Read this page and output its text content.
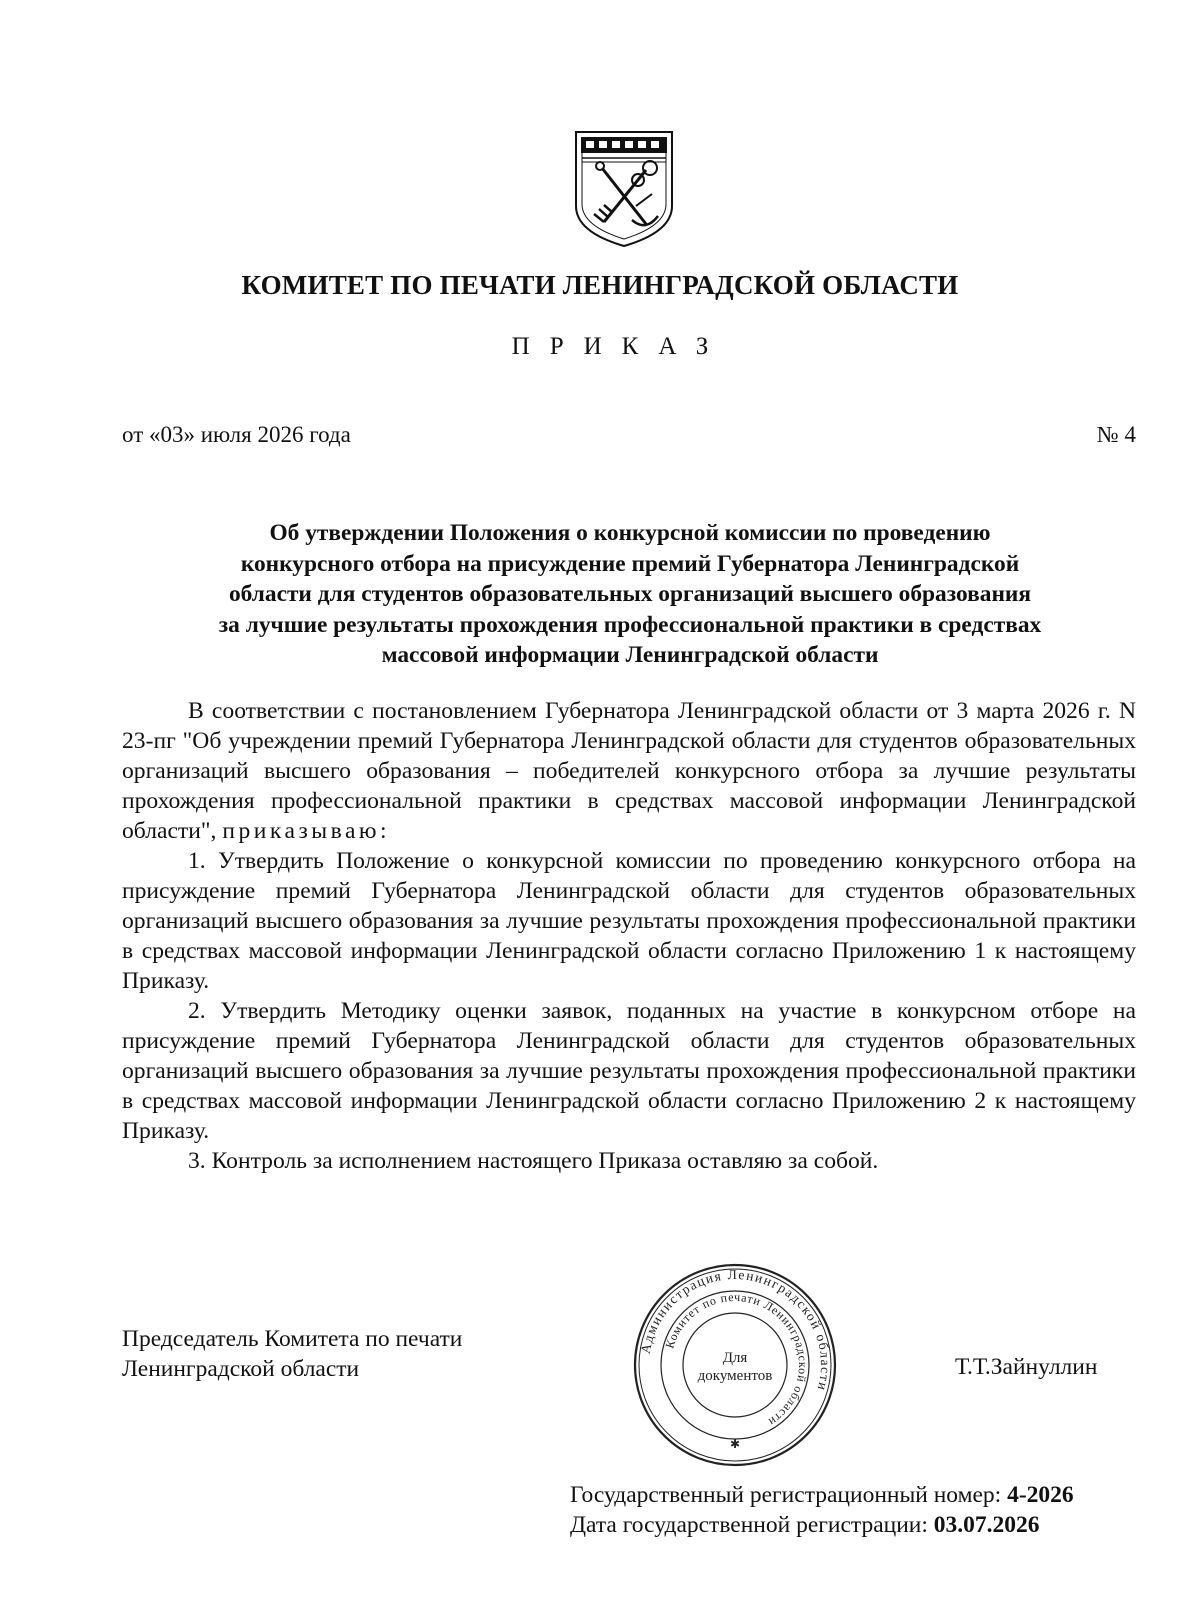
КОМИТЕТ ПО ПЕЧАТИ ЛЕНИНГРАДСКОЙ ОБЛАСТИ
ПРИКАЗ
от «03» июля 2026 года	№ 4
Об утверждении Положения о конкурсной комиссии по проведению
конкурсного отбора на присуждение премий Губернатора Ленинградской
области для студентов образовательных организаций высшего образования
за лучшие результаты прохождения профессиональной практики в средствах
массовой информации Ленинградской области

В соответствии с постановлением Губернатора Ленинградской области от 3 марта 2026 г. N 23-пг "Об учреждении премий Губернатора Ленинградской области для студентов образовательных организаций высшего образования – победителей конкурсного отбора за лучшие результаты прохождения профессиональной практики в средствах массовой информации Ленинградской области", приказываю:

1. Утвердить Положение о конкурсной комиссии по проведению конкурсного отбора на присуждение премий Губернатора Ленинградской области для студентов образовательных организаций высшего образования за лучшие результаты прохождения профессиональной практики в средствах массовой информации Ленинградской области согласно Приложению 1 к настоящему Приказу.

2. Утвердить Методику оценки заявок, поданных на участие в конкурсном отборе на присуждение премий Губернатора Ленинградской области для студентов образовательных организаций высшего образования за лучшие результаты прохождения профессиональной практики в средствах массовой информации Ленинградской области согласно Приложению 2 к настоящему Приказу.

3. Контроль за исполнением настоящего Приказа оставляю за собой.

Председатель Комитета по печати
Ленинградской области
Администрация Ленинградской области
Комитет по печати Ленинградской области
Для
документов
✱
Т.Т.Зайнуллин
Государственный регистрационный номер: 4-2026
Дата государственной регистрации: 03.07.2026
